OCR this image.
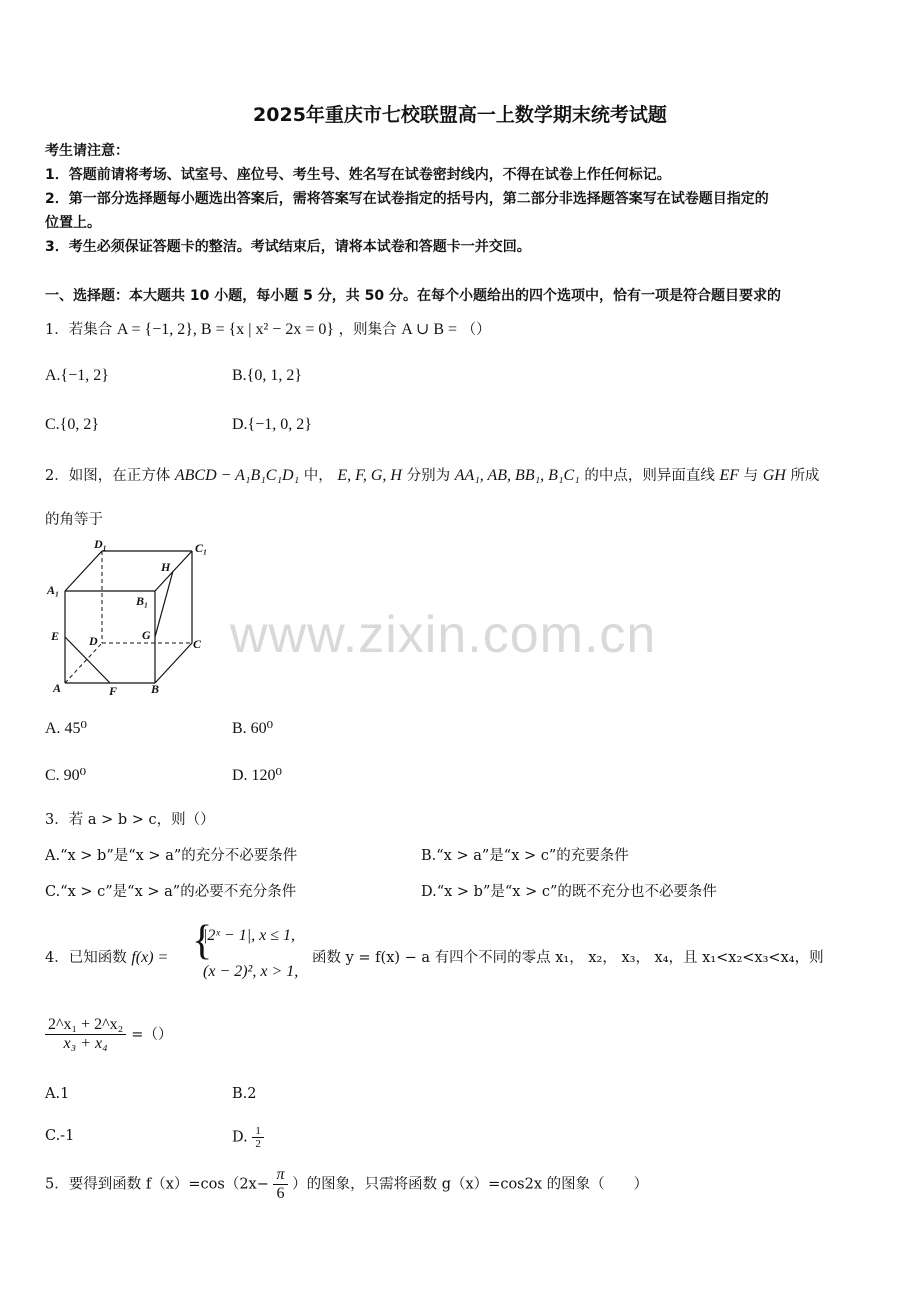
2025年重庆市七校联盟高一上数学期末统考试题
考生请注意：
1．答题前请将考场、试室号、座位号、考生号、姓名写在试卷密封线内，不得在试卷上作任何标记。
2．第一部分选择题每小题选出答案后，需将答案写在试卷指定的括号内，第二部分非选择题答案写在试卷题目指定的
位置上。
3．考生必须保证答题卡的整洁。考试结束后，请将本试卷和答题卡一并交回。
一、选择题：本大题共 10 小题，每小题 5 分，共 50 分。在每个小题给出的四个选项中，恰有一项是符合题目要求的
www.zixin.com.cn
1．若集合 A = {−1, 2}, B = {x | x² − 2x = 0} ，则集合 A ∪ B = （）
A.{−1, 2}	B.{0, 1, 2}
C.{0, 2}	D.{−1, 0, 2}
2．如图，在正方体 ABCD − A₁B₁C₁D₁ 中， E, F, G, H 分别为 AA₁, AB, BB₁, B₁C₁ 的中点，则异面直线 EF 与 GH 所成
的角等于
D₁	C₁
H
A₁
B₁
E D	G
C
A	F	B
A. 45⁰	B. 60⁰
C. 90⁰	D. 120⁰
3．若 a > b > c，则（）
A.“x > b”是“x > a”的充分不必要条件	B.“x > a”是“x > c”的充要条件
C.“x > c”是“x > a”的必要不充分条件	D.“x > b”是“x > c”的既不充分也不必要条件
4．已知函数 f(x) = {
|2ˣ − 1|, x ≤ 1,
(x − 2)², x > 1,
函数 y = f(x) − a 有四个不同的零点 x₁， x₂， x₃， x₄，且 x₁<x₂<x₃<x₄，则
$\frac{\text{2\textasciicircum{}x₁ + 2\textasciicircum{}x₂}}{\text{x₃ + x₄}}$ =（）
A.1	B.2
C.-1	D. $\frac{1}{2}$
5．要得到函数 $f(x)=\cos(2x- \frac{\pi}{6}$ ）的图象，只需将函数 g（x）=cos2x 的图象（　　）
